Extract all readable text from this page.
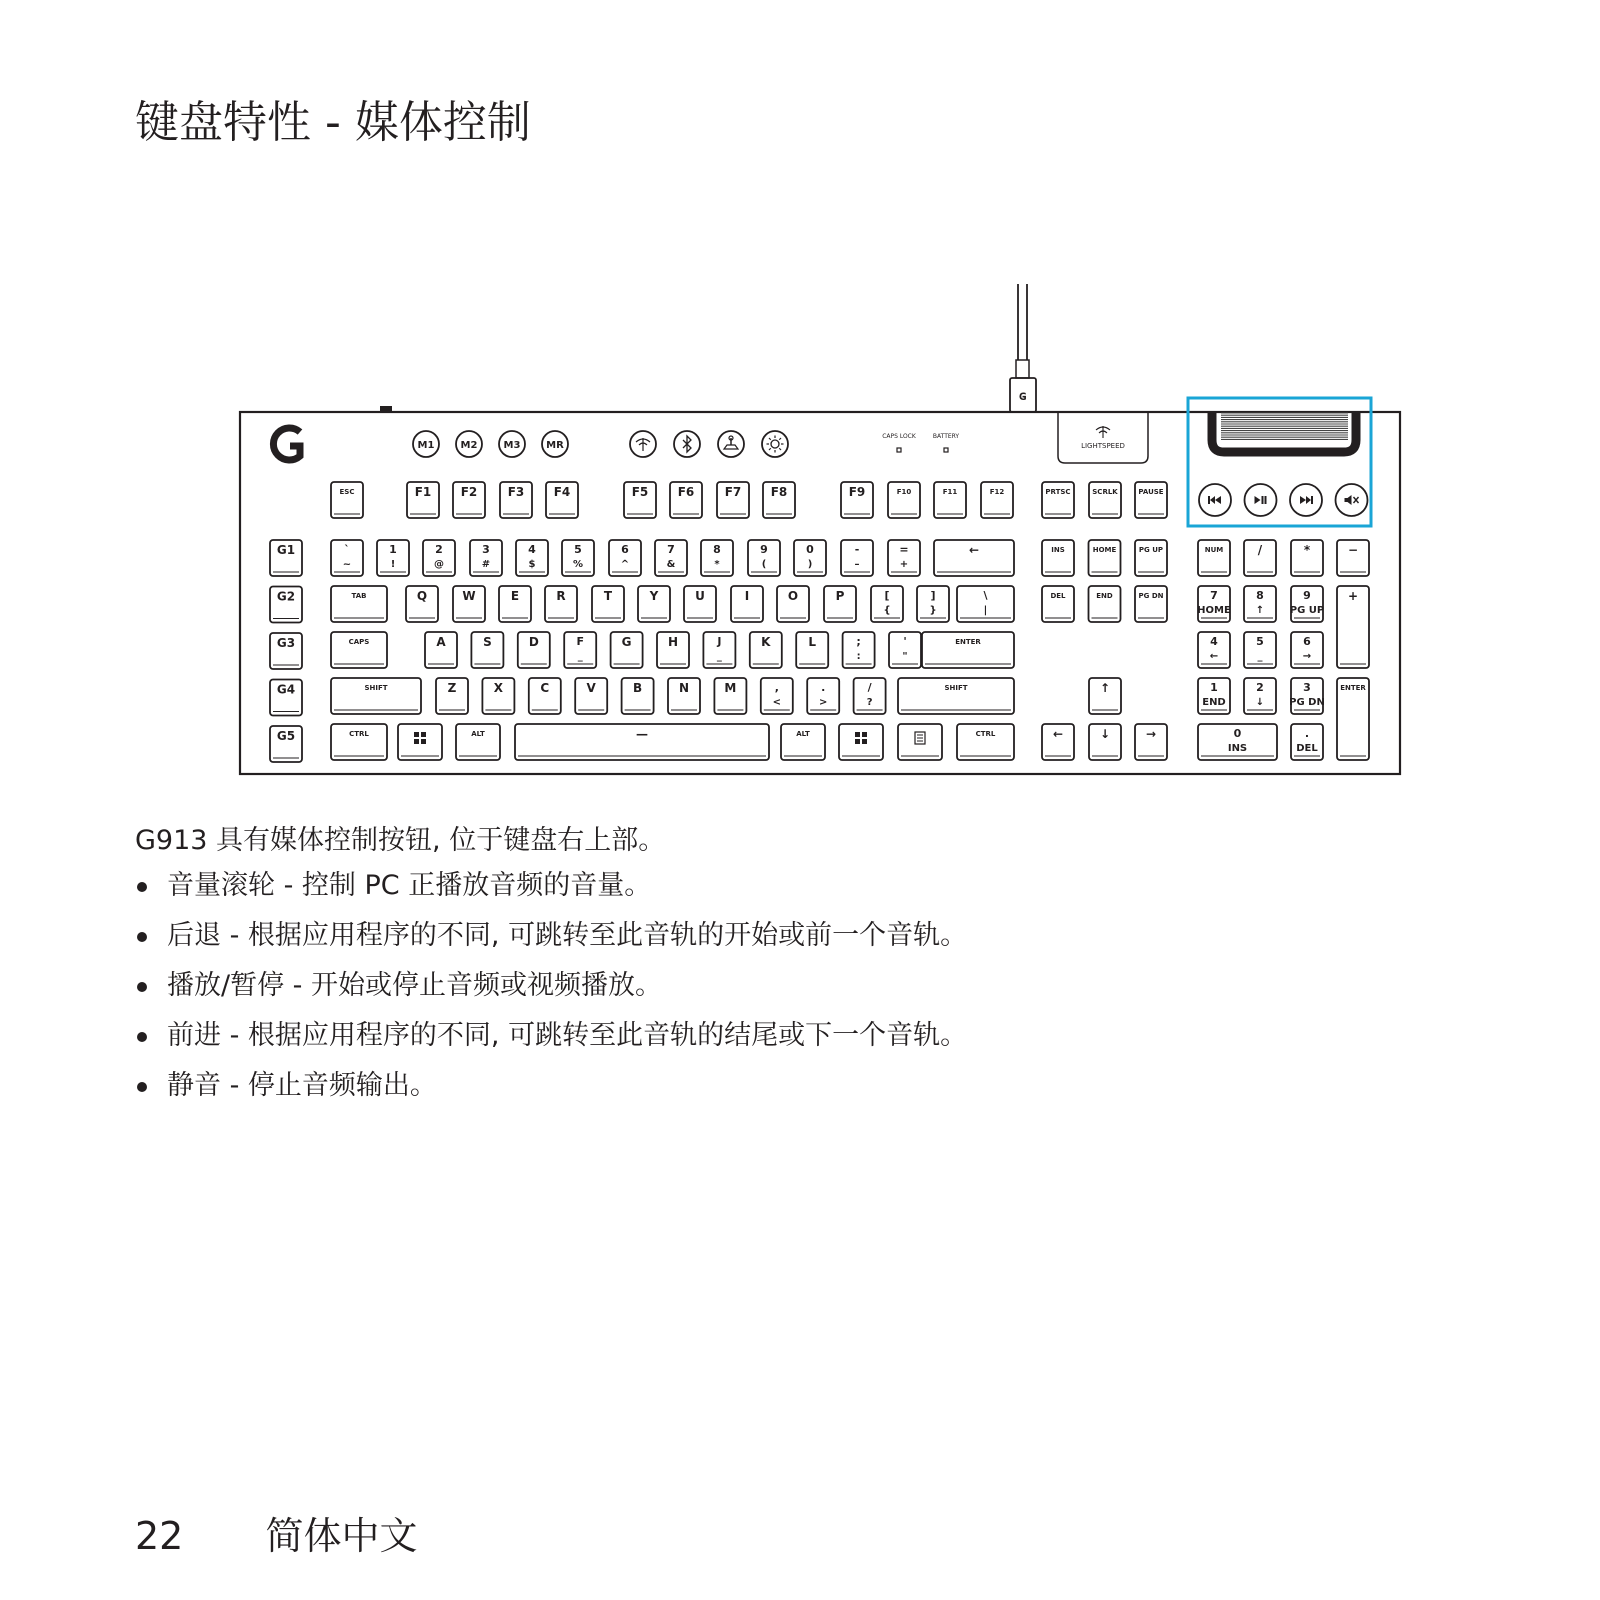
键盘特性 - 媒体控制
ɢ
M1	M2	M3	MR
CAPS LOCK	BATTERY
LIGHTSPEED
ESC	F1 F2	F3 F4	F5 F6	F7 F8	F9	F10	F11	F12	PRTSC	SCRLK	PAUSE
G1
G2
G3
G4
G5
`
~
1
!
2
@
3
#
4
$
5
%
6
^
7
&
8
*
9
(
0
)
-
–
=
+
←
TAB	Q	W	E	R	T	Y	U	I	O	P	[
{
]
}
\
|
CAPS	A	S	D	F
_
G	H	J
_
K	L	;
:
'
"
ENTER
SHIFT	Z	X	C	V	B	N	M	,
<
.
>
/
?
SHIFT
CTRL	ALT	—	ALT	CTRL
INS	HOME	PG UP
DEL	END	PG DN
↑
←	↓	→
NUM	/	*	−
7
HOME
8
↑
9
PG UP
+
4
←
5
_
6
→
1
END
2
↓
3
PG DN
ENTER
0
INS
.
DEL

G913 具有媒体控制按钮, 位于键盘右上部。

音量滚轮 - 控制 PC 正播放音频的音量。
后退 - 根据应用程序的不同, 可跳转至此音轨的开始或前一个音轨。
播放/暂停 - 开始或停止音频或视频播放。
前进 - 根据应用程序的不同, 可跳转至此音轨的结尾或下一个音轨。
静音 - 停止音频输出。
22 简体中文
